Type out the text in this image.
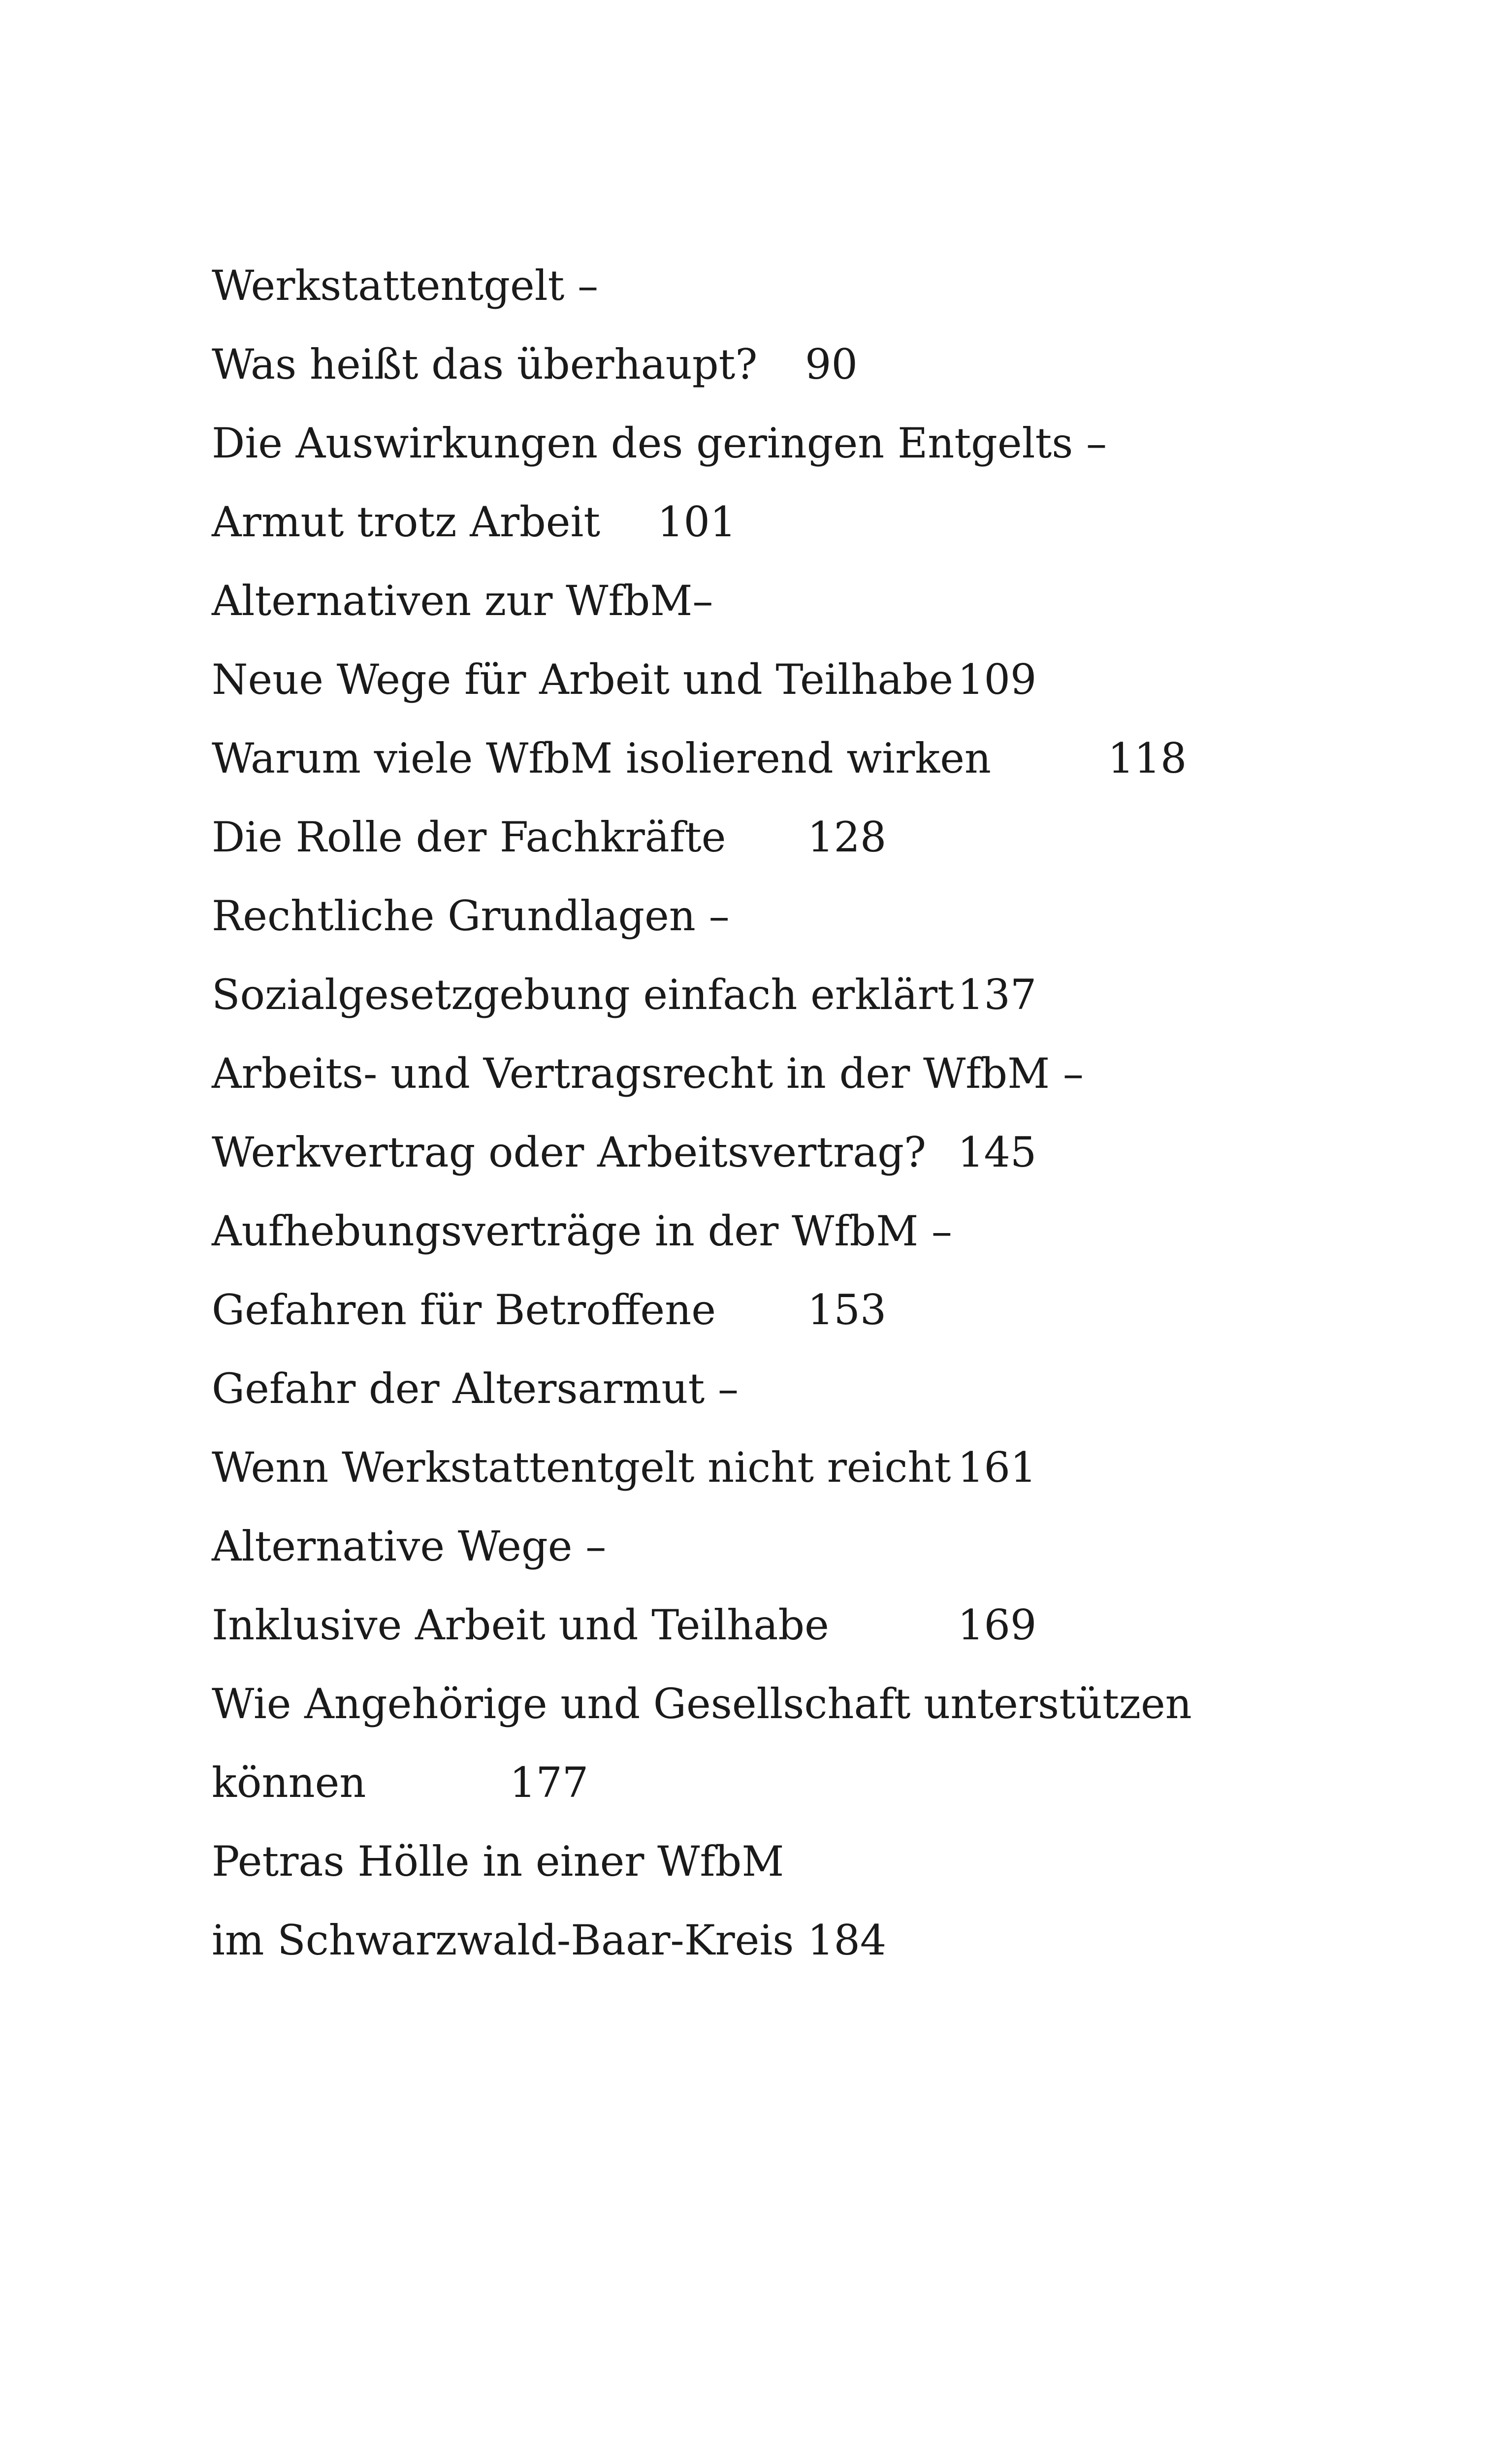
Werkstattentgelt –
Was heißt das überhaupt? 90
Die Auswirkungen des geringen Entgelts –
Armut trotz Arbeit 101
Alternativen zur WfbM–
Neue Wege für Arbeit und Teilhabe 109
Warum viele WfbM isolierend wirken	118
Die Rolle der Fachkräfte 128
Rechtliche Grundlagen –
Sozialgesetzgebung einfach erklärt 137
Arbeits- und Vertragsrecht in der WfbM –
Werkvertrag oder Arbeitsvertrag? 145
Aufhebungsverträge in der WfbM –
Gefahren für Betroffene 153
Gefahr der Altersarmut –
Wenn Werkstattentgelt nicht reicht 161
Alternative Wege –
Inklusive Arbeit und Teilhabe	169
Wie Angehörige und Gesellschaft unterstützen
können	177
Petras Hölle in einer WfbM
im Schwarzwald-Baar-Kreis 184
